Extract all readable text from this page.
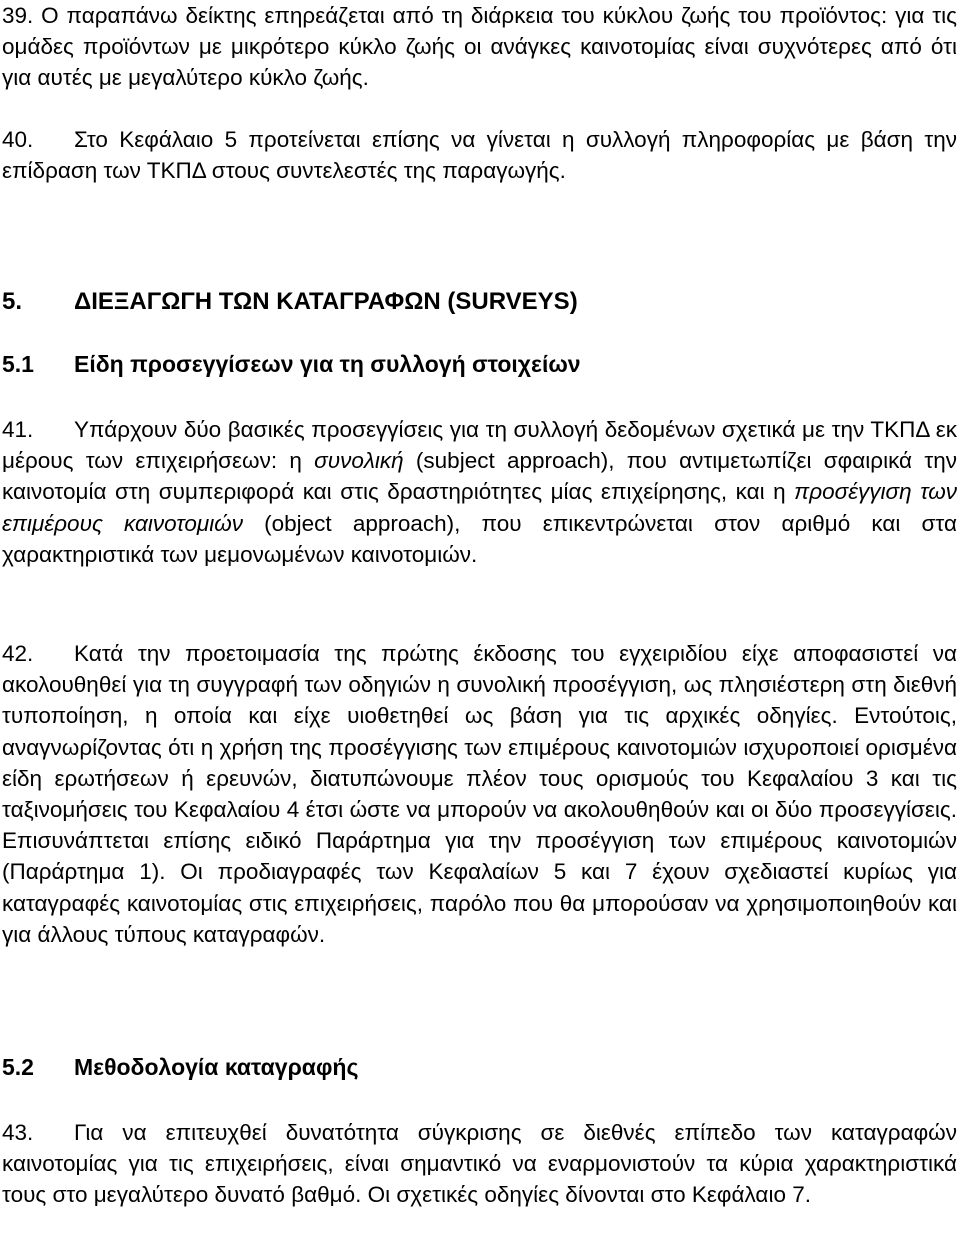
39. Ο παραπάνω δείκτης επηρεάζεται από τη διάρκεια του κύκλου ζωής του προϊόντος: για τις ομάδες προϊόντων με μικρότερο κύκλο ζωής οι ανάγκες καινοτομίας είναι συχνότερες από ότι για αυτές με μεγαλύτερο κύκλο ζωής.

40. Στο Κεφάλαιο 5 προτείνεται επίσης να γίνεται η συλλογή πληροφορίας με βάση την επίδραση των ΤΚΠΔ στους συντελεστές της παραγωγής.

5. ΔΙΕΞΑΓΩΓΗ ΤΩΝ ΚΑΤΑΓΡΑΦΩΝ (SURVEYS)

5.1 Είδη προσεγγίσεων για τη συλλογή στοιχείων

41. Υπάρχουν δύο βασικές προσεγγίσεις για τη συλλογή δεδομένων σχετικά με την ΤΚΠΔ εκ μέρους των επιχειρήσεων: η συνολική (subject approach), που αντιμετωπίζει σφαιρικά την καινοτομία στη συμπεριφορά και στις δραστηριότητες μίας επιχείρησης, και η προσέγγιση των επιμέρους καινοτομιών (object approach), που επικεντρώνεται στον αριθμό και στα χαρακτηριστικά των μεμονωμένων καινοτομιών.

42. Κατά την προετοιμασία της πρώτης έκδοσης του εγχειριδίου είχε αποφασιστεί να ακολουθηθεί για τη συγγραφή των οδηγιών η συνολική προσέγγιση, ως πλησιέστερη στη διεθνή τυποποίηση, η οποία και είχε υιοθετηθεί ως βάση για τις αρχικές οδηγίες. Εντούτοις, αναγνωρίζοντας ότι η χρήση της προσέγγισης των επιμέρους καινοτομιών ισχυροποιεί ορισμένα είδη ερωτήσεων ή ερευνών, διατυπώνουμε πλέον τους ορισμούς του Κεφαλαίου 3 και τις ταξινομήσεις του Κεφαλαίου 4 έτσι ώστε να μπορούν να ακολουθηθούν και οι δύο προσεγγίσεις. Επισυνάπτεται επίσης ειδικό Παράρτημα για την προσέγγιση των επιμέρους καινοτομιών (Παράρτημα 1). Οι προδιαγραφές των Κεφαλαίων 5 και 7 έχουν σχεδιαστεί κυρίως για καταγραφές καινοτομίας στις επιχειρήσεις, παρόλο που θα μπορούσαν να χρησιμοποιηθούν και για άλλους τύπους καταγραφών.

5.2 Μεθοδολογία καταγραφής

43. Για να επιτευχθεί δυνατότητα σύγκρισης σε διεθνές επίπεδο των καταγραφών καινοτομίας για τις επιχειρήσεις, είναι σημαντικό να εναρμονιστούν τα κύρια χαρακτηριστικά τους στο μεγαλύτερο δυνατό βαθμό. Οι σχετικές οδηγίες δίνονται στο Κεφάλαιο 7.
